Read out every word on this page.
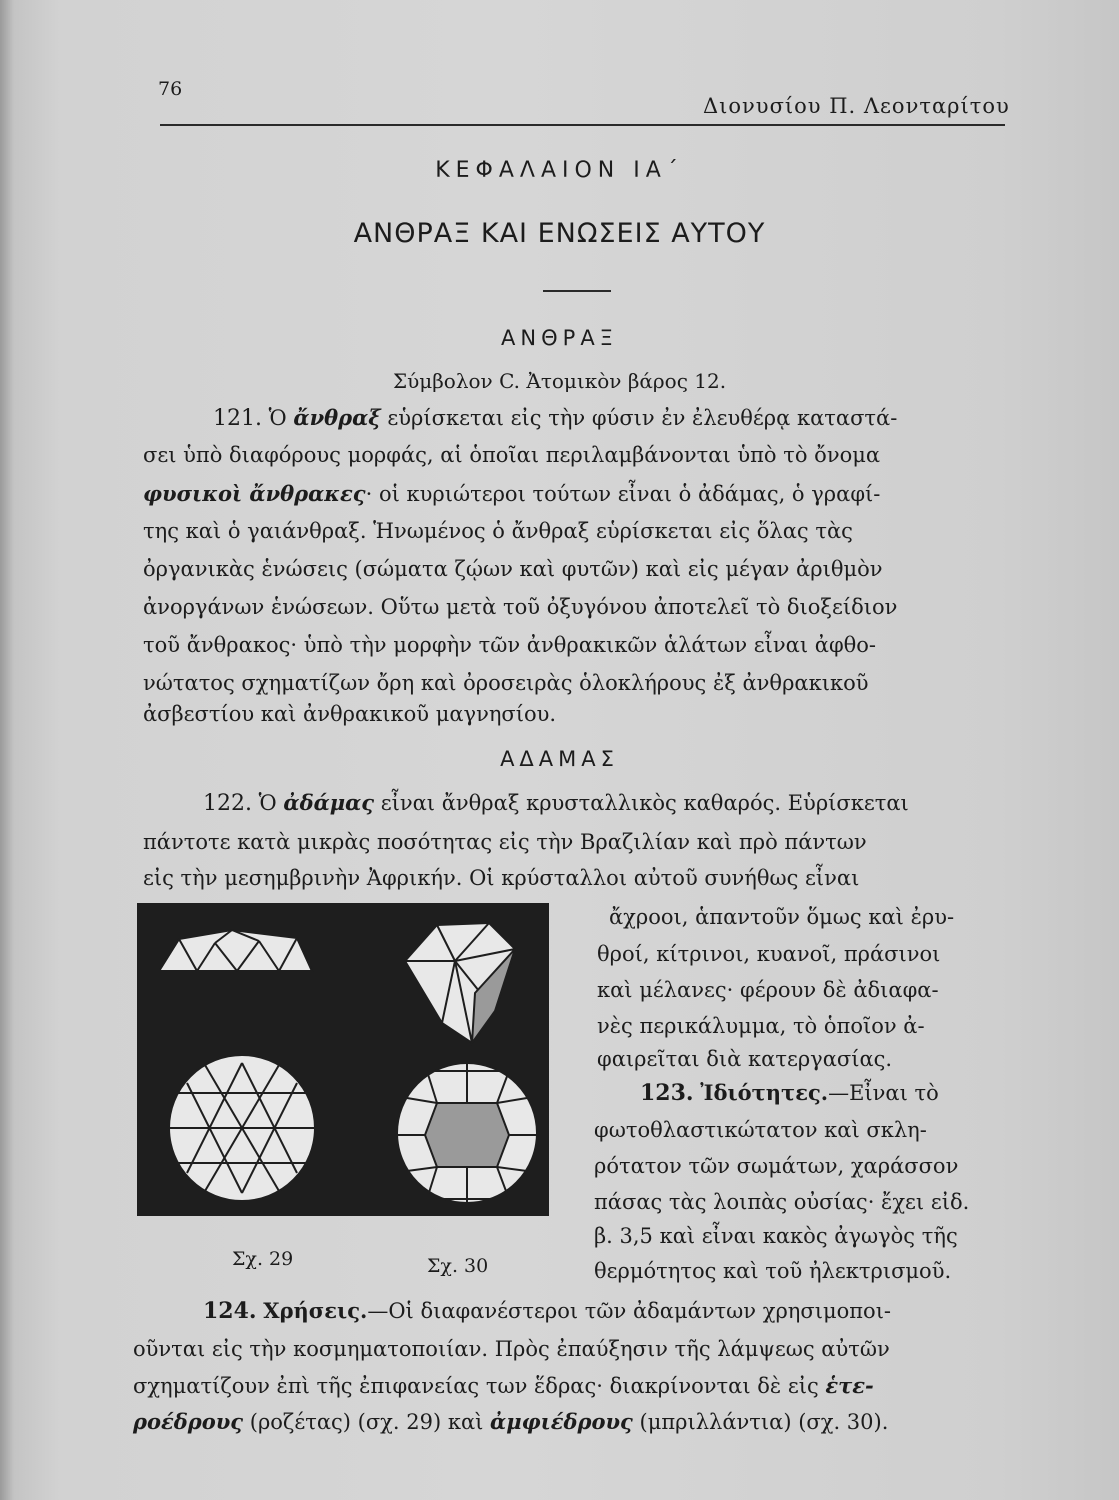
76
Διονυσίου Π. Λεονταρίτου
ΚΕΦΑΛΑΙΟΝ ΙΑ΄
ΑΝΘΡΑΞ ΚΑΙ ΕΝΩΣΕΙΣ ΑΥΤΟΥ
ΑΝΘΡΑΞ
Σύμβολον C. Ἀτομικὸν βάρος 12.
121. Ὁ ἄνθραξ εὑρίσκεται εἰς τὴν φύσιν ἐν ἐλευθέρᾳ καταστά-
σει ὑπὸ διαφόρους μορφάς, αἱ ὁποῖαι περιλαμβάνονται ὑπὸ τὸ ὄνομα
φυσικοὶ ἄνθρακες· οἱ κυριώτεροι τούτων εἶναι ὁ ἀδάμας, ὁ γραφί-
της καὶ ὁ γαιάνθραξ. Ἡνωμένος ὁ ἄνθραξ εὑρίσκεται εἰς ὅλας τὰς
ὀργανικὰς ἑνώσεις (σώματα ζῴων καὶ φυτῶν) καὶ εἰς μέγαν ἀριθμὸν
ἀνοργάνων ἑνώσεων. Οὕτω μετὰ τοῦ ὀξυγόνου ἀποτελεῖ τὸ διοξείδιον
τοῦ ἄνθρακος· ὑπὸ τὴν μορφὴν τῶν ἀνθρακικῶν ἁλάτων εἶναι ἀφθο-
νώτατος σχηματίζων ὄρη καὶ ὀροσειρὰς ὁλοκλήρους ἐξ ἀνθρακικοῦ
ἀσβεστίου καὶ ἀνθρακικοῦ μαγνησίου.
ΑΔΑΜΑΣ
122. Ὁ ἀδάμας εἶναι ἄνθραξ κρυσταλλικὸς καθαρός. Εὑρίσκεται
πάντοτε κατὰ μικρὰς ποσότητας εἰς τὴν Βραζιλίαν καὶ πρὸ πάντων
εἰς τὴν μεσημβρινὴν Ἀφρικήν. Οἱ κρύσταλλοι αὐτοῦ συνήθως εἶναι
ἄχροοι, ἁπαντοῦν ὅμως καὶ ἐρυ-
θροί, κίτρινοι, κυανοῖ, πράσινοι
καὶ μέλανες· φέρουν δὲ ἀδιαφα-
νὲς περικάλυμμα, τὸ ὁποῖον ἀ-
φαιρεῖται διὰ κατεργασίας.
Σχ. 29	Σχ. 30
123. Ἰδιότητες.—Εἶναι τὸ
φωτοθλαστικώτατον καὶ σκλη-
ρότατον τῶν σωμάτων, χαράσσον
πάσας τὰς λοιπὰς οὐσίας· ἔχει εἰδ.
β. 3,5 καὶ εἶναι κακὸς ἀγωγὸς τῆς
θερμότητος καὶ τοῦ ἠλεκτρισμοῦ.
124. Χρήσεις.—Οἱ διαφανέστεροι τῶν ἀδαμάντων χρησιμοποι-
οῦνται εἰς τὴν κοσμηματοποιίαν. Πρὸς ἐπαύξησιν τῆς λάμψεως αὐτῶν
σχηματίζουν ἐπὶ τῆς ἐπιφανείας των ἕδρας· διακρίνονται δὲ εἰς ἑτε-
ροέδρους (ροζέτας) (σχ. 29) καὶ ἀμφιέδρους (μπριλλάντια) (σχ. 30).
